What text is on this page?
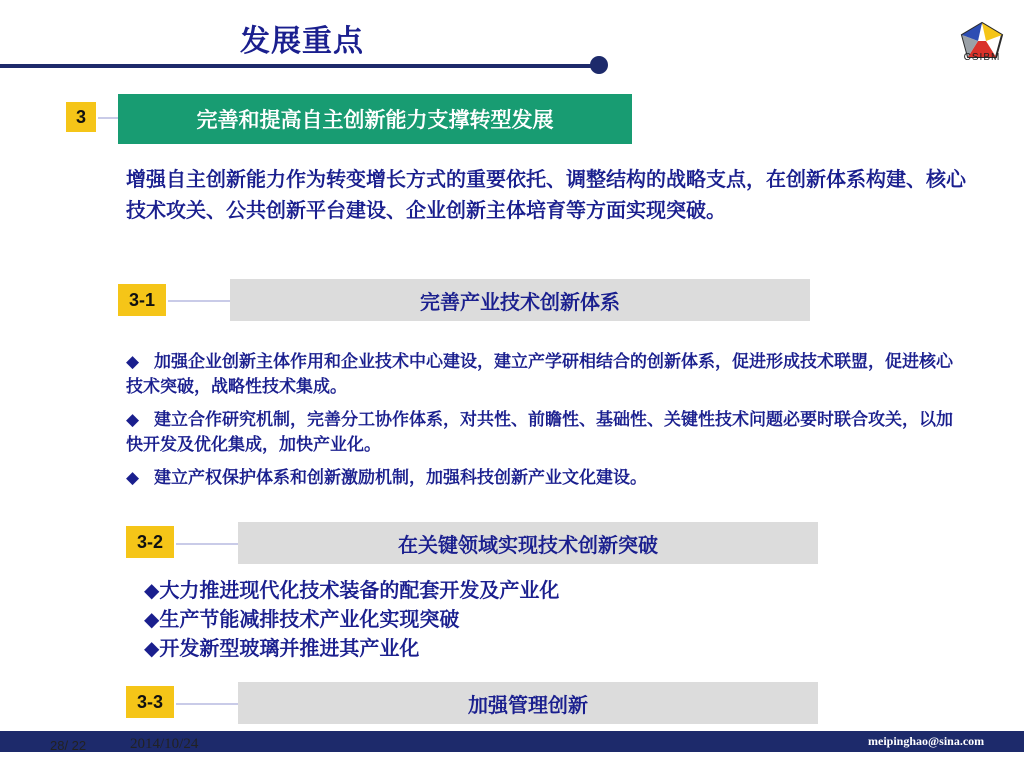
发展重点	CSIBM
3	完善和提高自主创新能力支撑转型发展
增强自主创新能力作为转变增长方式的重要依托、调整结构的战略支点，在创新体系构建、核心技术攻关、公共创新平台建设、企业创新主体培育等方面实现突破。
3-1	完善产业技术创新体系

◆ 加强企业创新主体作用和企业技术中心建设，建立产学研相结合的创新体系，促进形成技术联盟，促进核心技术突破，战略性技术集成。

◆ 建立合作研究机制，完善分工协作体系，对共性、前瞻性、基础性、关键性技术问题必要时联合攻关，以加快开发及优化集成，加快产业化。

◆ 建立产权保护体系和创新激励机制，加强科技创新产业文化建设。

3-2	在关键领域实现技术创新突破
◆大力推进现代化技术装备的配套开发及产业化
◆生产节能减排技术产业化实现突破
◆开发新型玻璃并推进其产业化
3-3	加强管理创新
28/ 22	2014/10/24	meipinghao@sina.com
